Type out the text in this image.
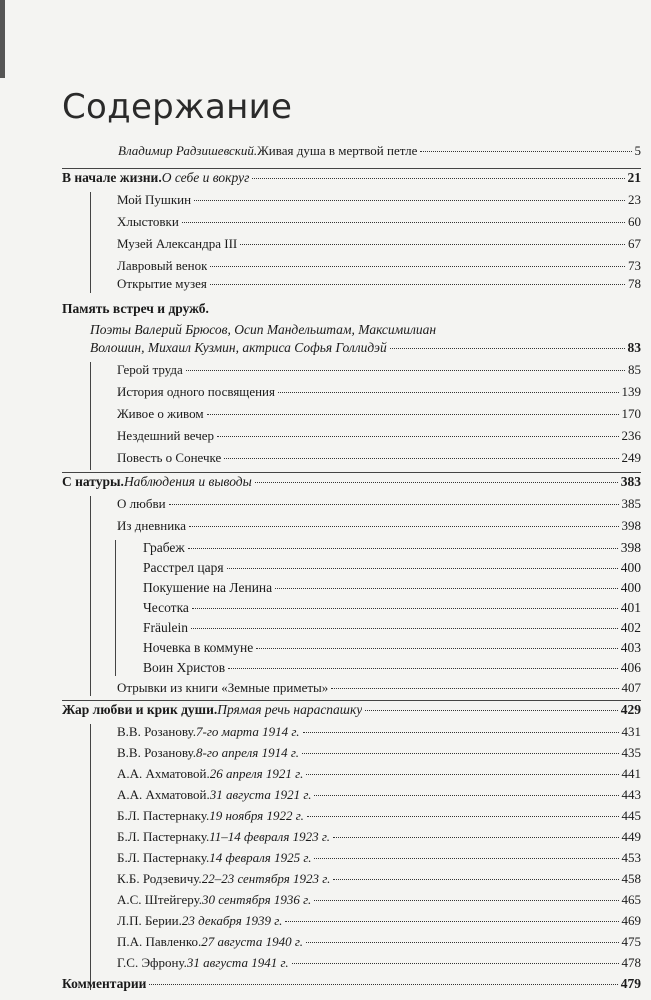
Содержание
Владимир Радзишевский. Живая душа в мертвой петле	5
В начале жизни. О себе и вокруг	21
Мой Пушкин	23
Хлыстовки	60
Музей Александра III	67
Лавровый венок	73
Открытие музея	78
Память встреч и дружб.
Поэты Валерий Брюсов, Осип Мандельштам, Максимилиан
Волошин, Михаил Кузмин, актриса Софья Голлидэй	83
Герой труда	85
История одного посвящения	139
Живое о живом	170
Нездешний вечер	236
Повесть о Сонечке	249
С натуры. Наблюдения и выводы	383
О любви	385
Из дневника	398
Грабеж	398
Расстрел царя	400
Покушение на Ленина	400
Чесотка	401
Fräulein	402
Ночевка в коммуне	403
Воин Христов	406
Отрывки из книги «Земные приметы»	407
Жар любви и крик души. Прямая речь нараспашку	429
В.В. Розанову. 7-го марта 1914 г.	431
В.В. Розанову. 8-го апреля 1914 г.	435
А.А. Ахматовой. 26 апреля 1921 г.	441
А.А. Ахматовой. 31 августа 1921 г.	443
Б.Л. Пастернаку. 19 ноября 1922 г.	445
Б.Л. Пастернаку. 11–14 февраля 1923 г.	449
Б.Л. Пастернаку. 14 февраля 1925 г.	453
К.Б. Родзевичу. 22–23 сентября 1923 г.	458
А.С. Штейгеру. 30 сентября 1936 г.	465
Л.П. Берии. 23 декабря 1939 г.	469
П.А. Павленко. 27 августа 1940 г.	475
Г.С. Эфрону. 31 августа 1941 г.	478
Комментарии	479
